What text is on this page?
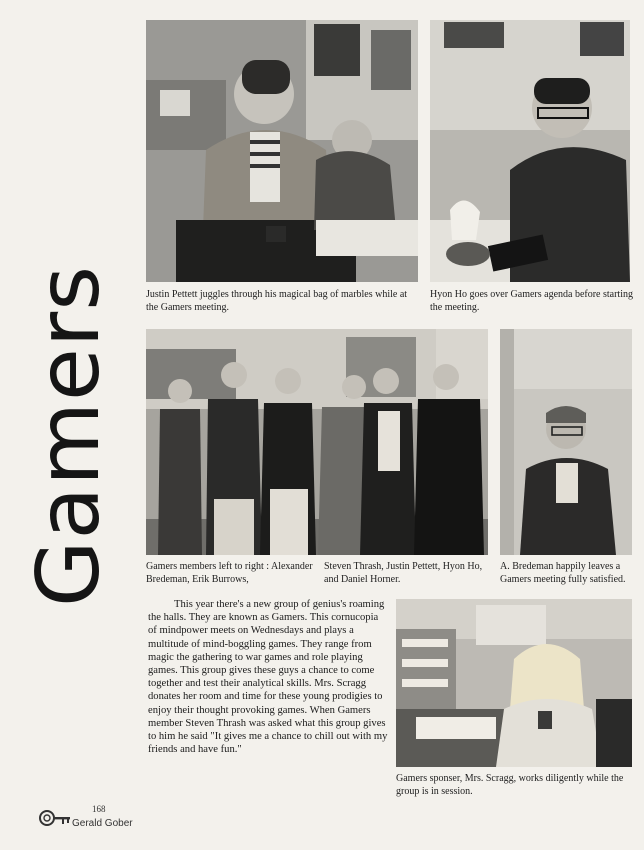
Justin Pettett juggles through his magical bag of marbles while at the Gamers meeting.
Hyon Ho goes over Gamers agenda before starting the meeting.
Gamers	Gamers members left to right : Alexander Bredeman, Erik Burrows,
Steven Thrash, Justin Pettett, Hyon Ho, and Daniel Horner.
A. Bredeman happily leaves a Gamers meeting fully satisfied.

This year there's a new group of genius's roaming the halls. They are known as Gamers. This cornucopia of mindpower meets on Wednesdays and plays a multitude of mind-boggling games. They range from magic the gathering to war games and role playing games. This group gives these guys a chance to come together and test their analytical skills. Mrs. Scragg donates her room and time for these young prodigies to enjoy their thought provoking games. When Gamers member Steven Thrash was asked what this group gives to him he said "It gives me a chance to chill out with my friends and have fun."

Gamers sponser, Mrs. Scragg, works diligently while the group is in session.
168
Gerald Gober
